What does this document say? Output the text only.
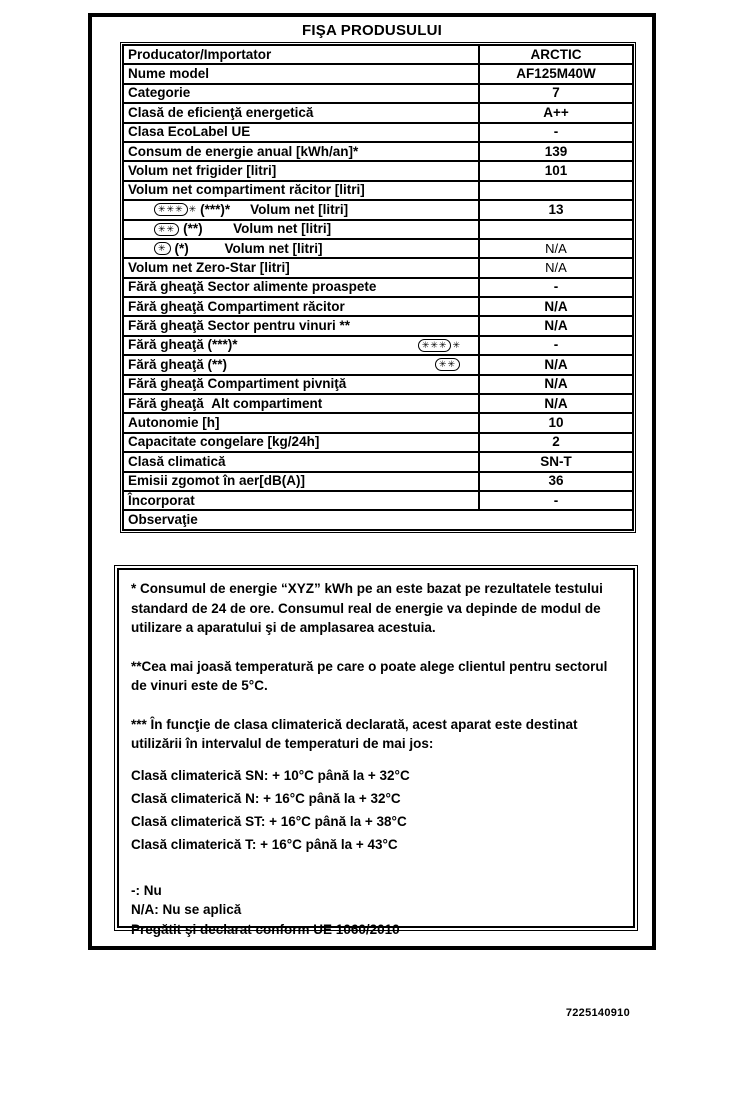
FIŞA PRODUSULUI
Producator/Importator	ARCTIC

Nume model	AF125M40W

Categorie	7

Clasă de eficienţă energetică	A++

Clasa EcoLabel UE	-

Consum de energie anual [kWh/an]*	139

Volum net frigider [litri]	101

Volum net compartiment răcitor [litri]	

✳✳✳ ✳ (***)* Volum net [litri]	13

✳✳ (**) Volum net [litri]	

✳ (*) Volum net [litri]	N/A

Volum net Zero-Star [litri]	N/A

Fără gheaţă Sector alimente proaspete	-

Fără gheaţă Compartiment răcitor	N/A

Fără gheaţă Sector pentru vinuri **	N/A

Fără gheaţă (***)* ✳✳✳ ✳	-

Fără gheaţă (**) ✳✳	N/A

Fără gheaţă Compartiment pivniţă	N/A

Fără gheaţă  Alt compartiment	N/A

Autonomie [h]	10

Capacitate congelare [kg/24h]	2

Clasă climatică	SN-T

Emisii zgomot în aer[dB(A)]	36

Încorporat	-

Observaţie	

* Consumul de energie “XYZ” kWh pe an este bazat pe rezultatele testului standard de 24 de ore. Consumul real de energie va depinde de modul de utilizare a aparatului şi de amplasarea acestuia.

**Cea mai joasă temperatură pe care o poate alege clientul pentru sectorul de vinuri este de 5°C.

*** În funcţie de clasa climaterică declarată, acest aparat este destinat utilizării în intervalul de temperaturi de mai jos:

Clasă climaterică SN: + 10°C până la + 32°C
Clasă climaterică N: + 16°C până la + 32°C
Clasă climaterică ST: + 16°C până la + 38°C
Clasă climaterică T: + 16°C până la + 43°C
-: Nu
N/A: Nu se aplică
Pregătit şi declarat conform UE 1060/2010
7225140910
